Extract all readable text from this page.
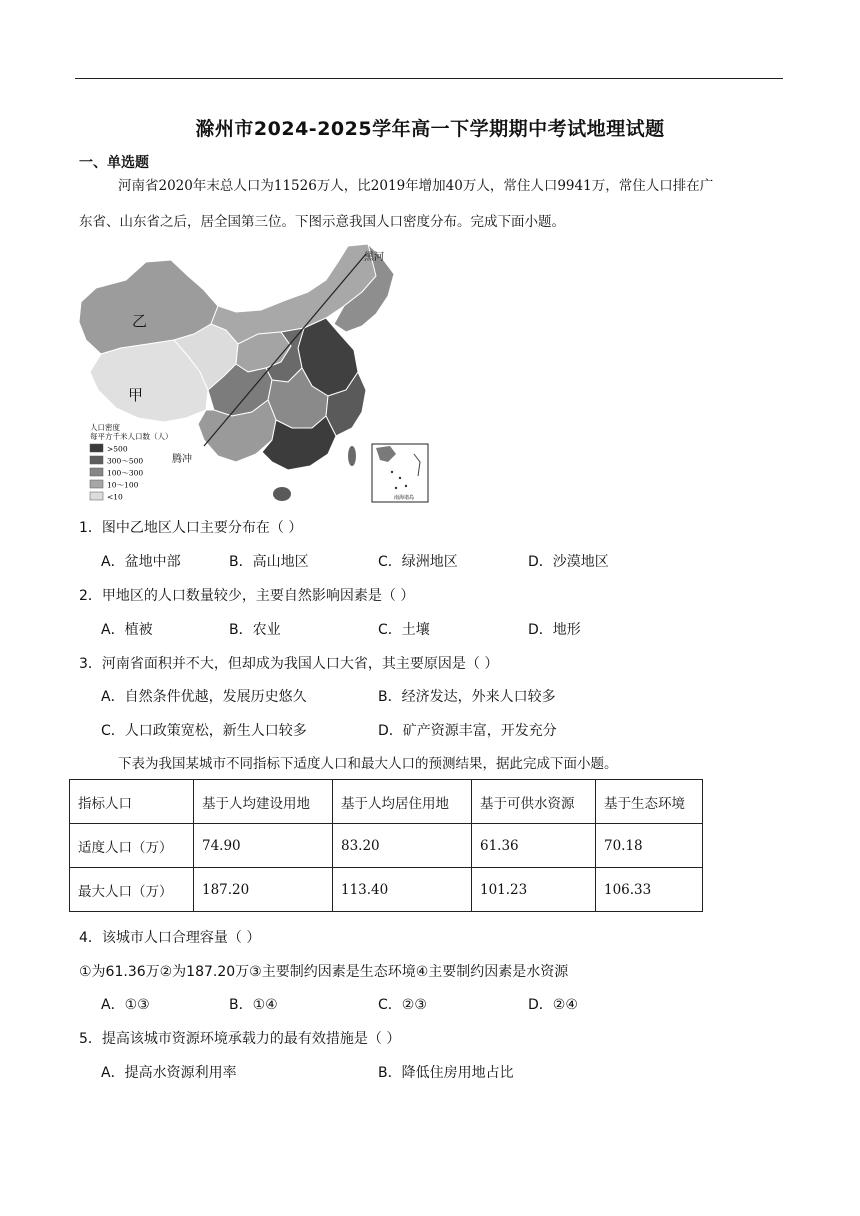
滁州市2024-2025学年高一下学期期中考试地理试题
一、单选题
河南省2020年末总人口为11526万人，比2019年增加40万人，常住人口9941万，常住人口排在广
东省、山东省之后，居全国第三位。下图示意我国人口密度分布。完成下面小题。
乙
甲
黑河
腾冲
人口密度
每平方千米人口数（人）
>500
300～500
100～300
10～100
<10	南海诸岛
1．图中乙地区人口主要分布在（ ）
A．盆地中部	B．高山地区	C．绿洲地区	D．沙漠地区
2．甲地区的人口数量较少，主要自然影响因素是（ ）
A．植被	B．农业	C．土壤	D．地形
3．河南省面积并不大，但却成为我国人口大省，其主要原因是（ ）
A．自然条件优越，发展历史悠久	B．经济发达，外来人口较多
C．人口政策宽松，新生人口较多	D．矿产资源丰富，开发充分
下表为我国某城市不同指标下适度人口和最大人口的预测结果，据此完成下面小题。
指标人口	基于人均建设用地	基于人均居住用地	基于可供水资源	基于生态环境
适度人口（万）	74.90	83.20	61.36	70.18
最大人口（万）	187.20	113.40	101.23	106.33
4．该城市人口合理容量（ ）
①为61.36万②为187.20万③主要制约因素是生态环境④主要制约因素是水资源
A．①③	B．①④	C．②③	D．②④
5．提高该城市资源环境承载力的最有效措施是（ ）
A．提高水资源利用率	B．降低住房用地占比
